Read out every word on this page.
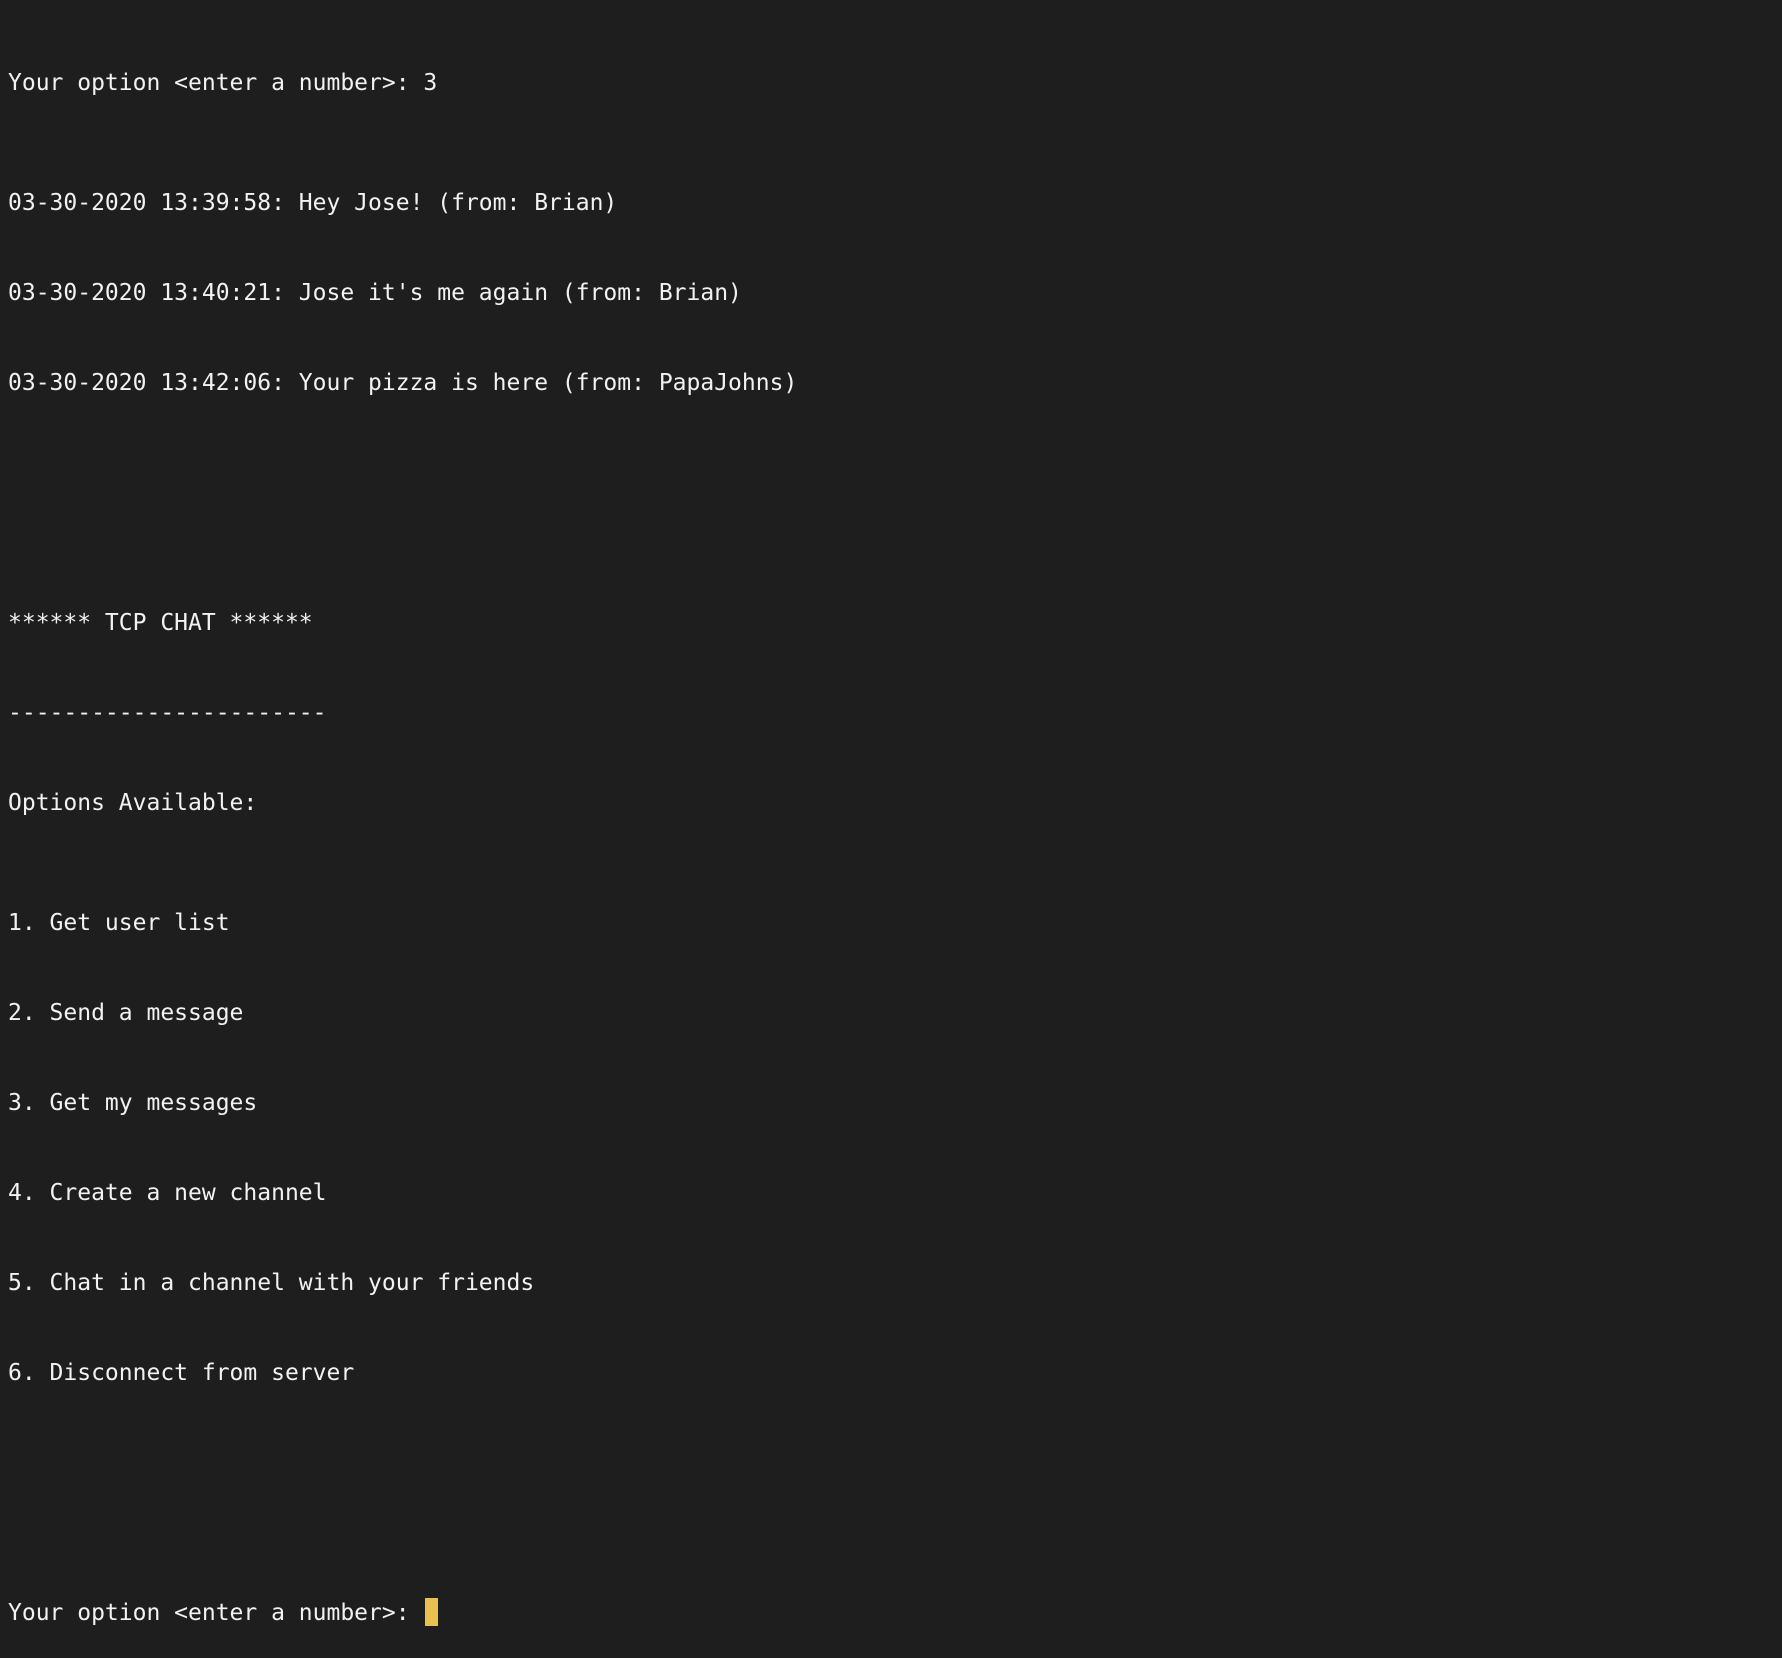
Your option <enter a number>: 3

03-30-2020 13:39:58: Hey Jose! (from: Brian)

03-30-2020 13:40:21: Jose it's me again (from: Brian)

03-30-2020 13:42:06: Your pizza is here (from: PapaJohns)

****** TCP CHAT ******

-----------------------

Options Available:

1. Get user list

2. Send a message

3. Get my messages

4. Create a new channel

5. Chat in a channel with your friends

6. Disconnect from server

Your option <enter a number>:
